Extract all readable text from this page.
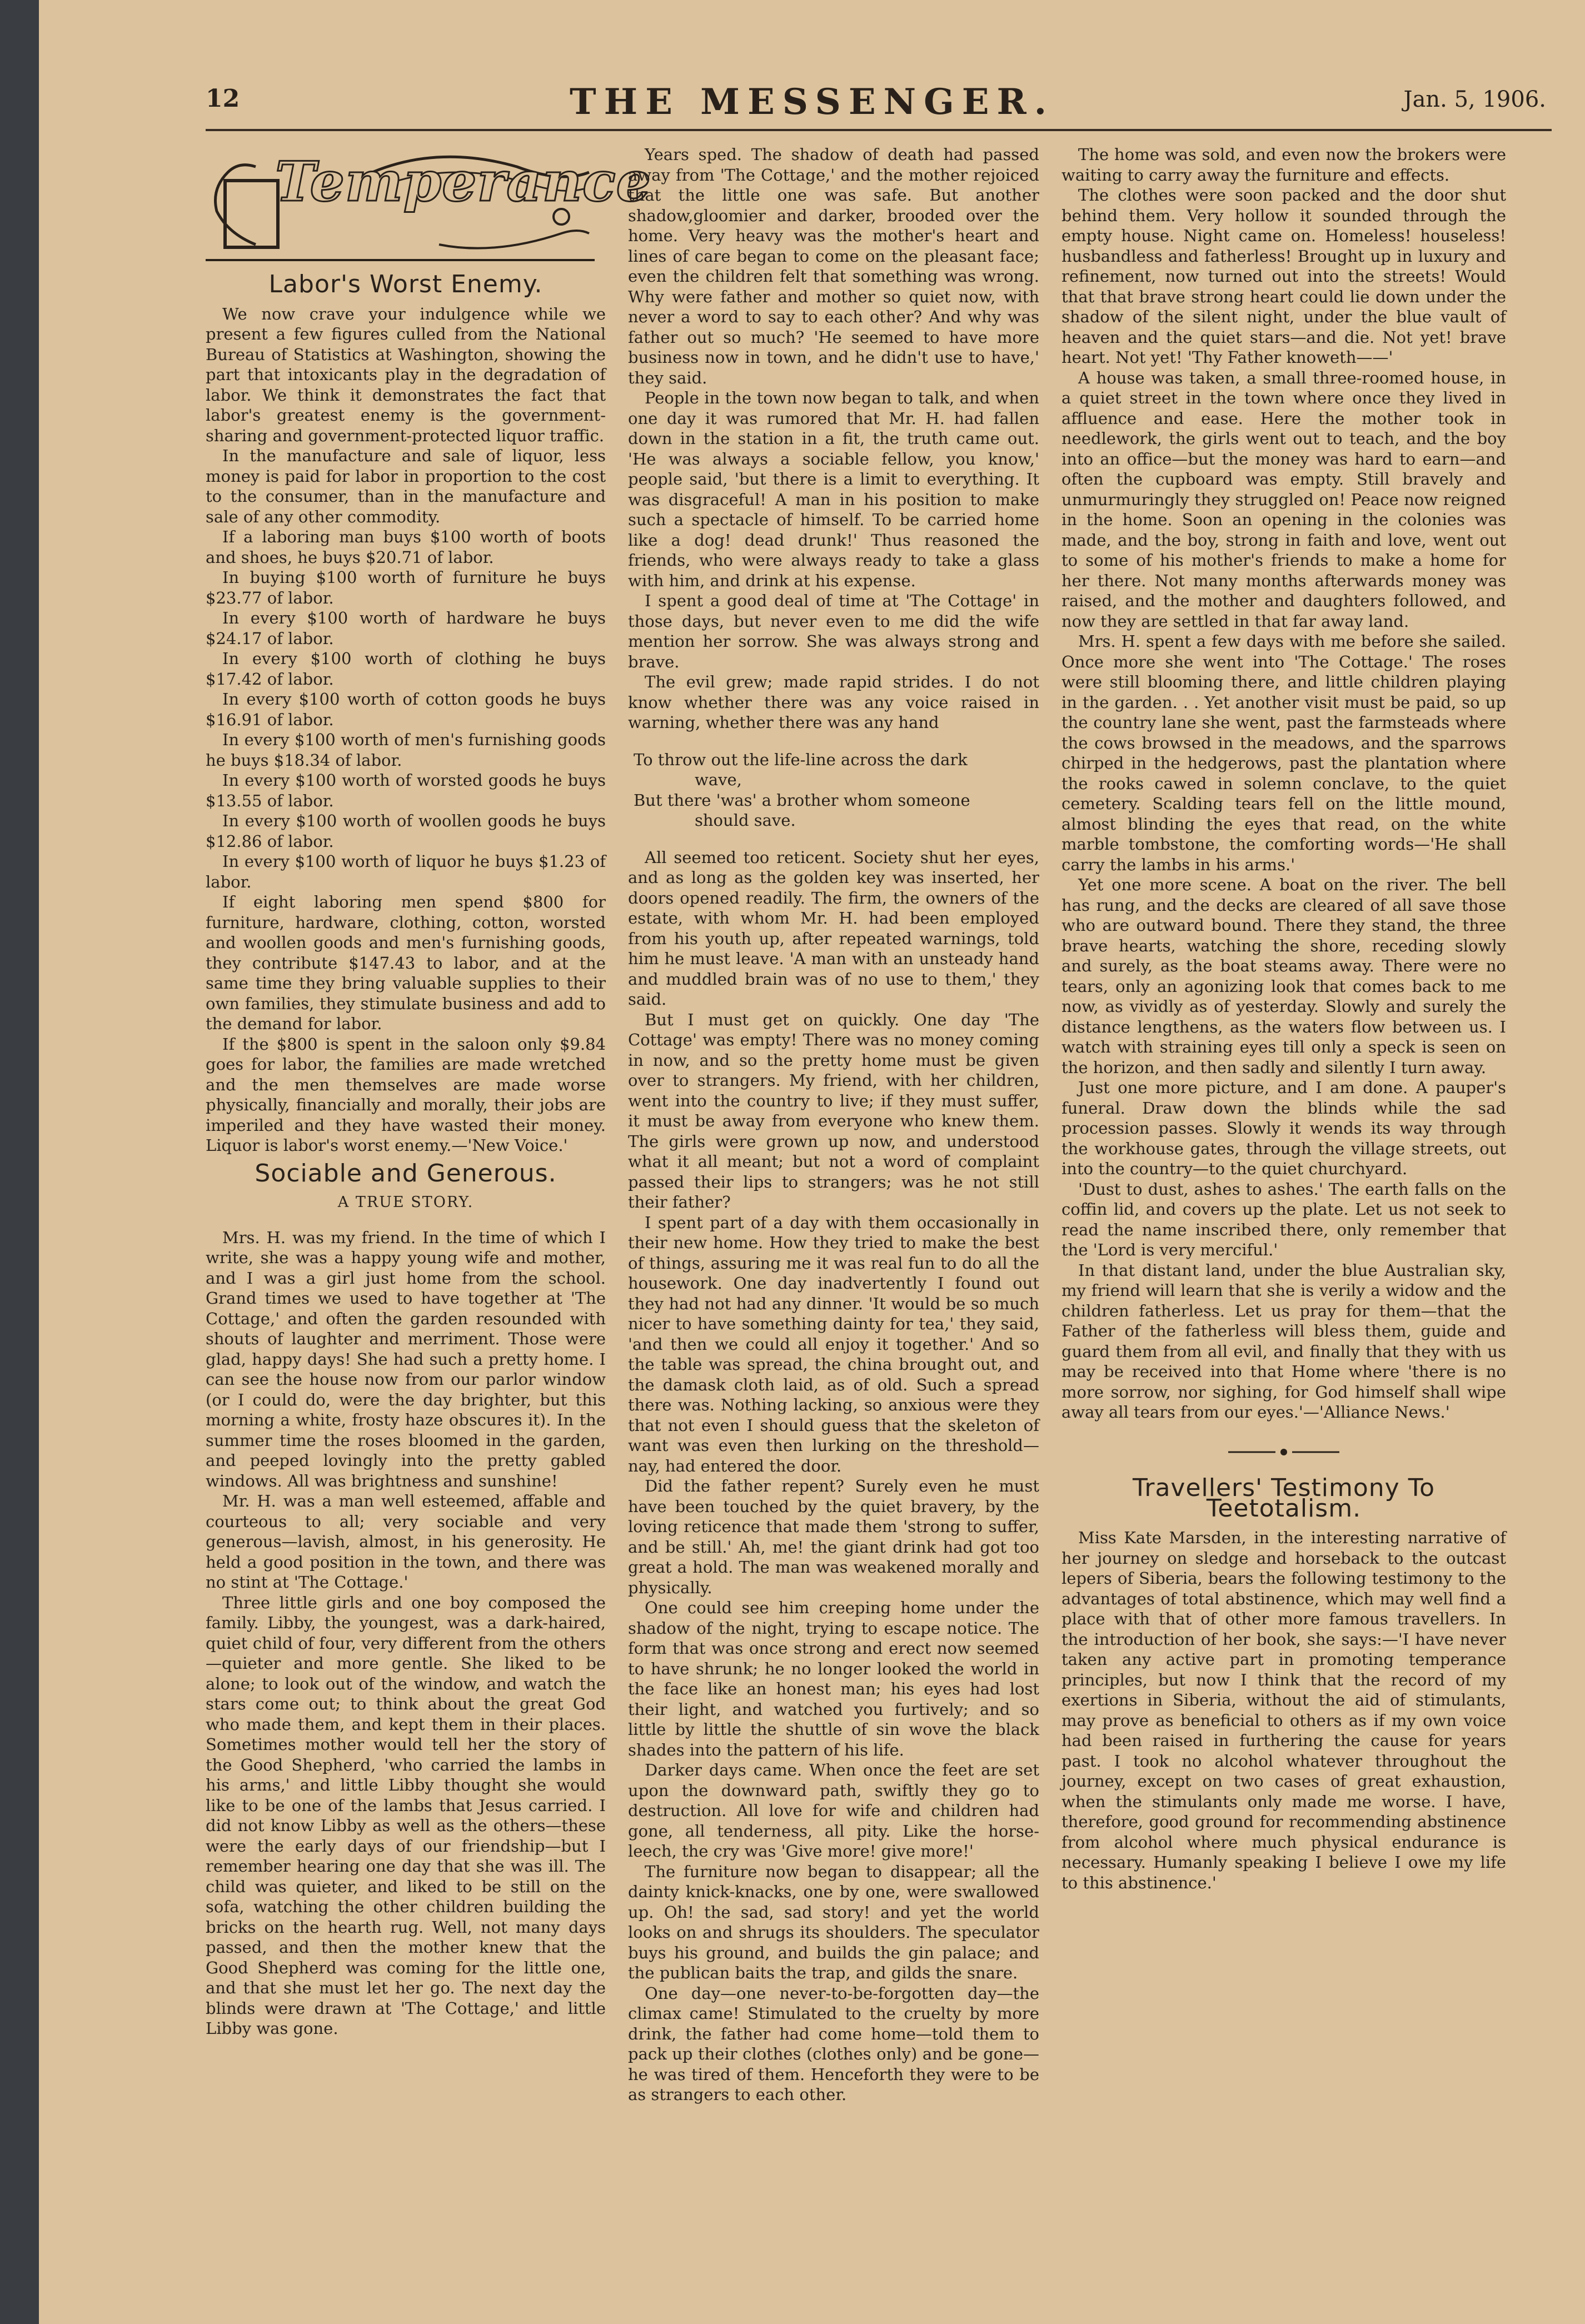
12	THE MESSENGER.	Jan. 5, 1906.
Temperance
Labor's Worst Enemy.

We now crave your indulgence while we present a few figures culled from the National Bureau of Statistics at Washington, showing the part that intoxicants play in the degradation of labor. We think it demonstrates the fact that labor's greatest enemy is the government-sharing and government-protected liquor traffic.

In the manufacture and sale of liquor, less money is paid for labor in proportion to the cost to the consumer, than in the manufacture and sale of any other commodity.

If a laboring man buys $100 worth of boots and shoes, he buys $20.71 of labor.

In buying $100 worth of furniture he buys $23.77 of labor.

In every $100 worth of hardware he buys $24.17 of labor.

In every $100 worth of clothing he buys $17.42 of labor.

In every $100 worth of cotton goods he buys $16.91 of labor.

In every $100 worth of men's furnishing goods he buys $18.34 of labor.

In every $100 worth of worsted goods he buys $13.55 of labor.

In every $100 worth of woollen goods he buys $12.86 of labor.

In every $100 worth of liquor he buys $1.23 of labor.

If eight laboring men spend $800 for furniture, hardware, clothing, cotton, worsted and woollen goods and men's furnishing goods, they contribute $147.43 to labor, and at the same time they bring valuable supplies to their own families, they stimulate business and add to the demand for labor.

If the $800 is spent in the saloon only $9.84 goes for labor, the families are made wretched and the men themselves are made worse physically, financially and morally, their jobs are imperiled and they have wasted their money. Liquor is labor's worst enemy.—'New Voice.'

Sociable and Generous.
A TRUE STORY.

Mrs. H. was my friend. In the time of which I write, she was a happy young wife and mother, and I was a girl just home from the school. Grand times we used to have together at 'The Cottage,' and often the garden resounded with shouts of laughter and merriment. Those were glad, happy days! She had such a pretty home. I can see the house now from our parlor window (or I could do, were the day brighter, but this morning a white, frosty haze obscures it). In the summer time the roses bloomed in the garden, and peeped lovingly into the pretty gabled windows. All was brightness and sunshine!

Mr. H. was a man well esteemed, affable and courteous to all; very sociable and very generous—lavish, almost, in his generosity. He held a good position in the town, and there was no stint at 'The Cottage.'

Three little girls and one boy composed the family. Libby, the youngest, was a dark-haired, quiet child of four, very different from the others—quieter and more gentle. She liked to be alone; to look out of the window, and watch the stars come out; to think about the great God who made them, and kept them in their places. Sometimes mother would tell her the story of the Good Shepherd, 'who carried the lambs in his arms,' and little Libby thought she would like to be one of the lambs that Jesus carried. I did not know Libby as well as the others—these were the early days of our friendship—but I remember hearing one day that she was ill. The child was quieter, and liked to be still on the sofa, watching the other children building the bricks on the hearth rug. Well, not many days passed, and then the mother knew that the Good Shepherd was coming for the little one, and that she must let her go. The next day the blinds were drawn at 'The Cottage,' and little Libby was gone.

Years sped. The shadow of death had passed away from 'The Cottage,' and the mother rejoiced that the little one was safe. But another shadow,gloomier and darker, brooded over the home. Very heavy was the mother's heart and lines of care began to come on the pleasant face; even the children felt that something was wrong. Why were father and mother so quiet now, with never a word to say to each other? And why was father out so much? 'He seemed to have more business now in town, and he didn't use to have,' they said.

People in the town now began to talk, and when one day it was rumored that Mr. H. had fallen down in the station in a fit, the truth came out. 'He was always a sociable fellow, you know,' people said, 'but there is a limit to everything. It was disgraceful! A man in his position to make such a spectacle of himself. To be carried home like a dog! dead drunk!' Thus reasoned the friends, who were always ready to take a glass with him, and drink at his expense.

I spent a good deal of time at 'The Cottage' in those days, but never even to me did the wife mention her sorrow. She was always strong and brave.

The evil grew; made rapid strides. I do not know whether there was any voice raised in warning, whether there was any hand

To throw out the life-line across the dark
wave,
But there 'was' a brother whom someone
should save.

All seemed too reticent. Society shut her eyes, and as long as the golden key was inserted, her doors opened readily. The firm, the owners of the estate, with whom Mr. H. had been employed from his youth up, after repeated warnings, told him he must leave. 'A man with an unsteady hand and muddled brain was of no use to them,' they said.

But I must get on quickly. One day 'The Cottage' was empty! There was no money coming in now, and so the pretty home must be given over to strangers. My friend, with her children, went into the country to live; if they must suffer, it must be away from everyone who knew them. The girls were grown up now, and understood what it all meant; but not a word of complaint passed their lips to strangers; was he not still their father?

I spent part of a day with them occasionally in their new home. How they tried to make the best of things, assuring me it was real fun to do all the housework. One day inadvertently I found out they had not had any dinner. 'It would be so much nicer to have something dainty for tea,' they said, 'and then we could all enjoy it together.' And so the table was spread, the china brought out, and the damask cloth laid, as of old. Such a spread there was. Nothing lacking, so anxious were they that not even I should guess that the skeleton of want was even then lurking on the threshold—nay, had entered the door.

Did the father repent? Surely even he must have been touched by the quiet bravery, by the loving reticence that made them 'strong to suffer, and be still.' Ah, me! the giant drink had got too great a hold. The man was weakened morally and physically.

One could see him creeping home under the shadow of the night, trying to escape notice. The form that was once strong and erect now seemed to have shrunk; he no longer looked the world in the face like an honest man; his eyes had lost their light, and watched you furtively; and so little by little the shuttle of sin wove the black shades into the pattern of his life.

Darker days came. When once the feet are set upon the downward path, swiftly they go to destruction. All love for wife and children had gone, all tenderness, all pity. Like the horse-leech, the cry was 'Give more! give more!'

The furniture now began to disappear; all the dainty knick-knacks, one by one, were swallowed up. Oh! the sad, sad story! and yet the world looks on and shrugs its shoulders. The speculator buys his ground, and builds the gin palace; and the publican baits the trap, and gilds the snare.

One day—one never-to-be-forgotten day—the climax came! Stimulated to the cruelty by more drink, the father had come home—told them to pack up their clothes (clothes only) and be gone—he was tired of them. Henceforth they were to be as strangers to each other.

The home was sold, and even now the brokers were waiting to carry away the furniture and effects.

The clothes were soon packed and the door shut behind them. Very hollow it sounded through the empty house. Night came on. Homeless! houseless! husbandless and fatherless! Brought up in luxury and refinement, now turned out into the streets! Would that that brave strong heart could lie down under the shadow of the silent night, under the blue vault of heaven and the quiet stars—and die. Not yet! brave heart. Not yet! 'Thy Father knoweth——'

A house was taken, a small three-roomed house, in a quiet street in the town where once they lived in affluence and ease. Here the mother took in needlework, the girls went out to teach, and the boy into an office—but the money was hard to earn—and often the cupboard was empty. Still bravely and unmurmuringly they struggled on! Peace now reigned in the home. Soon an opening in the colonies was made, and the boy, strong in faith and love, went out to some of his mother's friends to make a home for her there. Not many months afterwards money was raised, and the mother and daughters followed, and now they are settled in that far away land.

Mrs. H. spent a few days with me before she sailed. Once more she went into 'The Cottage.' The roses were still blooming there, and little children playing in the garden. . . Yet another visit must be paid, so up the country lane she went, past the farmsteads where the cows browsed in the meadows, and the sparrows chirped in the hedgerows, past the plantation where the rooks cawed in solemn conclave, to the quiet cemetery. Scalding tears fell on the little mound, almost blinding the eyes that read, on the white marble tombstone, the comforting words—'He shall carry the lambs in his arms.'

Yet one more scene. A boat on the river. The bell has rung, and the decks are cleared of all save those who are outward bound. There they stand, the three brave hearts, watching the shore, receding slowly and surely, as the boat steams away. There were no tears, only an agonizing look that comes back to me now, as vividly as of yesterday. Slowly and surely the distance lengthens, as the waters flow between us. I watch with straining eyes till only a speck is seen on the horizon, and then sadly and silently I turn away.

Just one more picture, and I am done. A pauper's funeral. Draw down the blinds while the sad procession passes. Slowly it wends its way through the workhouse gates, through the village streets, out into the country—to the quiet churchyard.

'Dust to dust, ashes to ashes.' The earth falls on the coffin lid, and covers up the plate. Let us not seek to read the name inscribed there, only remember that the 'Lord is very merciful.'

In that distant land, under the blue Australian sky, my friend will learn that she is verily a widow and the children fatherless. Let us pray for them—that the Father of the fatherless will bless them, guide and guard them from all evil, and finally that they with us may be received into that Home where 'there is no more sorrow, nor sighing, for God himself shall wipe away all tears from our eyes.'—'Alliance News.'

Travellers' Testimony To
Teetotalism.

Miss Kate Marsden, in the interesting narrative of her journey on sledge and horseback to the outcast lepers of Siberia, bears the following testimony to the advantages of total abstinence, which may well find a place with that of other more famous travellers. In the introduction of her book, she says:—'I have never taken any active part in promoting temperance principles, but now I think that the record of my exertions in Siberia, without the aid of stimulants, may prove as beneficial to others as if my own voice had been raised in furthering the cause for years past. I took no alcohol whatever throughout the journey, except on two cases of great exhaustion, when the stimulants only made me worse. I have, therefore, good ground for recommending abstinence from alcohol where much physical endurance is necessary. Humanly speaking I believe I owe my life to this abstinence.'
